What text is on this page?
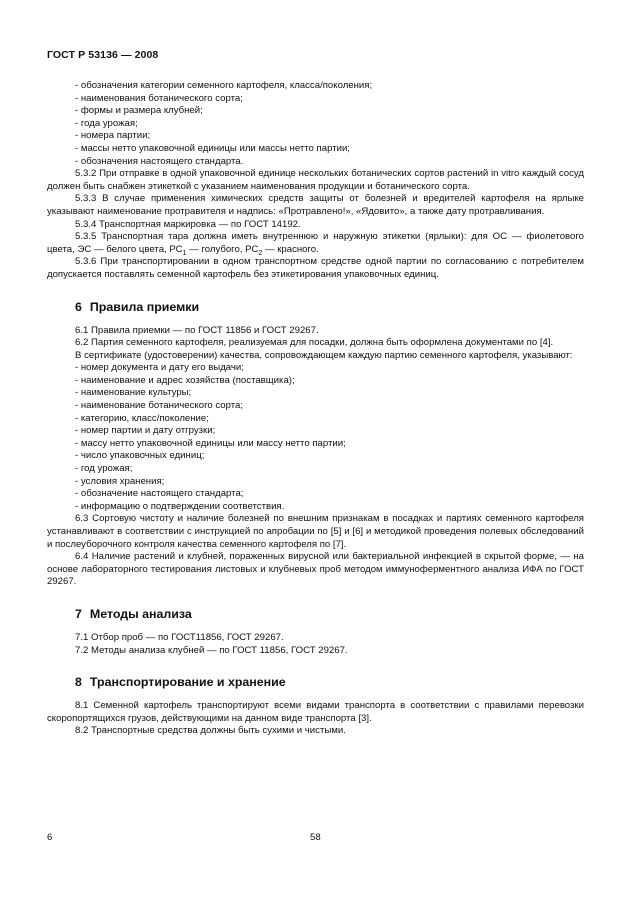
ГОСТ Р 53136 — 2008
- обозначения категории семенного картофеля, класса/поколения;
- наименования ботанического сорта;
- формы и размера клубней;
- года урожая;
- номера партии;
- массы нетто упаковочной единицы или массы нетто партии;
- обозначения настоящего стандарта.
5.3.2 При отправке в одной упаковочной единице нескольких ботанических сортов растений in vitro каждый сосуд должен быть снабжен этикеткой с указанием наименования продукции и ботанического сорта.
5.3.3 В случае применения химических средств защиты от болезней и вредителей картофеля на ярлыке указывают наименование протравителя и надпись: «Протравлено!», «Ядовито», а также дату протравливания.
5.3.4 Транспортная маркировка — по ГОСТ 14192.
5.3.5 Транспортная тара должна иметь внутреннюю и наружную этикетки (ярлыки): для ОС — фиолетового цвета, ЭС — белого цвета, $РС_1$ — голубого, $РС_2$ — красного.
5.3.6 При транспортировании в одном транспортном средстве одной партии по согласованию с потребителем допускается поставлять семенной картофель без этикетирования упаковочных единиц.
6 Правила приемки
6.1 Правила приемки — по ГОСТ 11856 и ГОСТ 29267.
6.2 Партия семенного картофеля, реализуемая для посадки, должна быть оформлена документами по [4].
В сертификате (удостоверении) качества, сопровождающем каждую партию семенного картофеля, указывают:
- номер документа и дату его выдачи;
- наименование и адрес хозяйства (поставщика);
- наименование культуры;
- наименование ботанического сорта;
- категорию, класс/поколение;
- номер партии и дату отгрузки;
- массу нетто упаковочной единицы или массу нетто партии;
- число упаковочных единиц;
- год урожая;
- условия хранения;
- обозначение настоящего стандарта;
- информацию о подтверждении соответствия.
6.3 Сортовую чистоту и наличие болезней по внешним признакам в посадках и партиях семенного картофеля устанавливают в соответствии с инструкцией по апробации по [5] и [6] и методикой проведения полевых обследований и послеуборочного контроля качества семенного картофеля по [7].
6.4 Наличие растений и клубней, пораженных вирусной или бактериальной инфекцией в скрытой форме, — на основе лабораторного тестирования листовых и клубневых проб методом иммуноферментного анализа ИФА по ГОСТ 29267.
7 Методы анализа
7.1 Отбор проб — по ГОСТ11856, ГОСТ 29267.
7.2 Методы анализа клубней — по ГОСТ 11856, ГОСТ 29267.
8 Транспортирование и хранение
8.1 Семенной картофель транспортируют всеми видами транспорта в соответствии с правилами перевозки скоропортящихся грузов, действующими на данном виде транспорта [3].
8.2 Транспортные средства должны быть сухими и чистыми.
6	58
